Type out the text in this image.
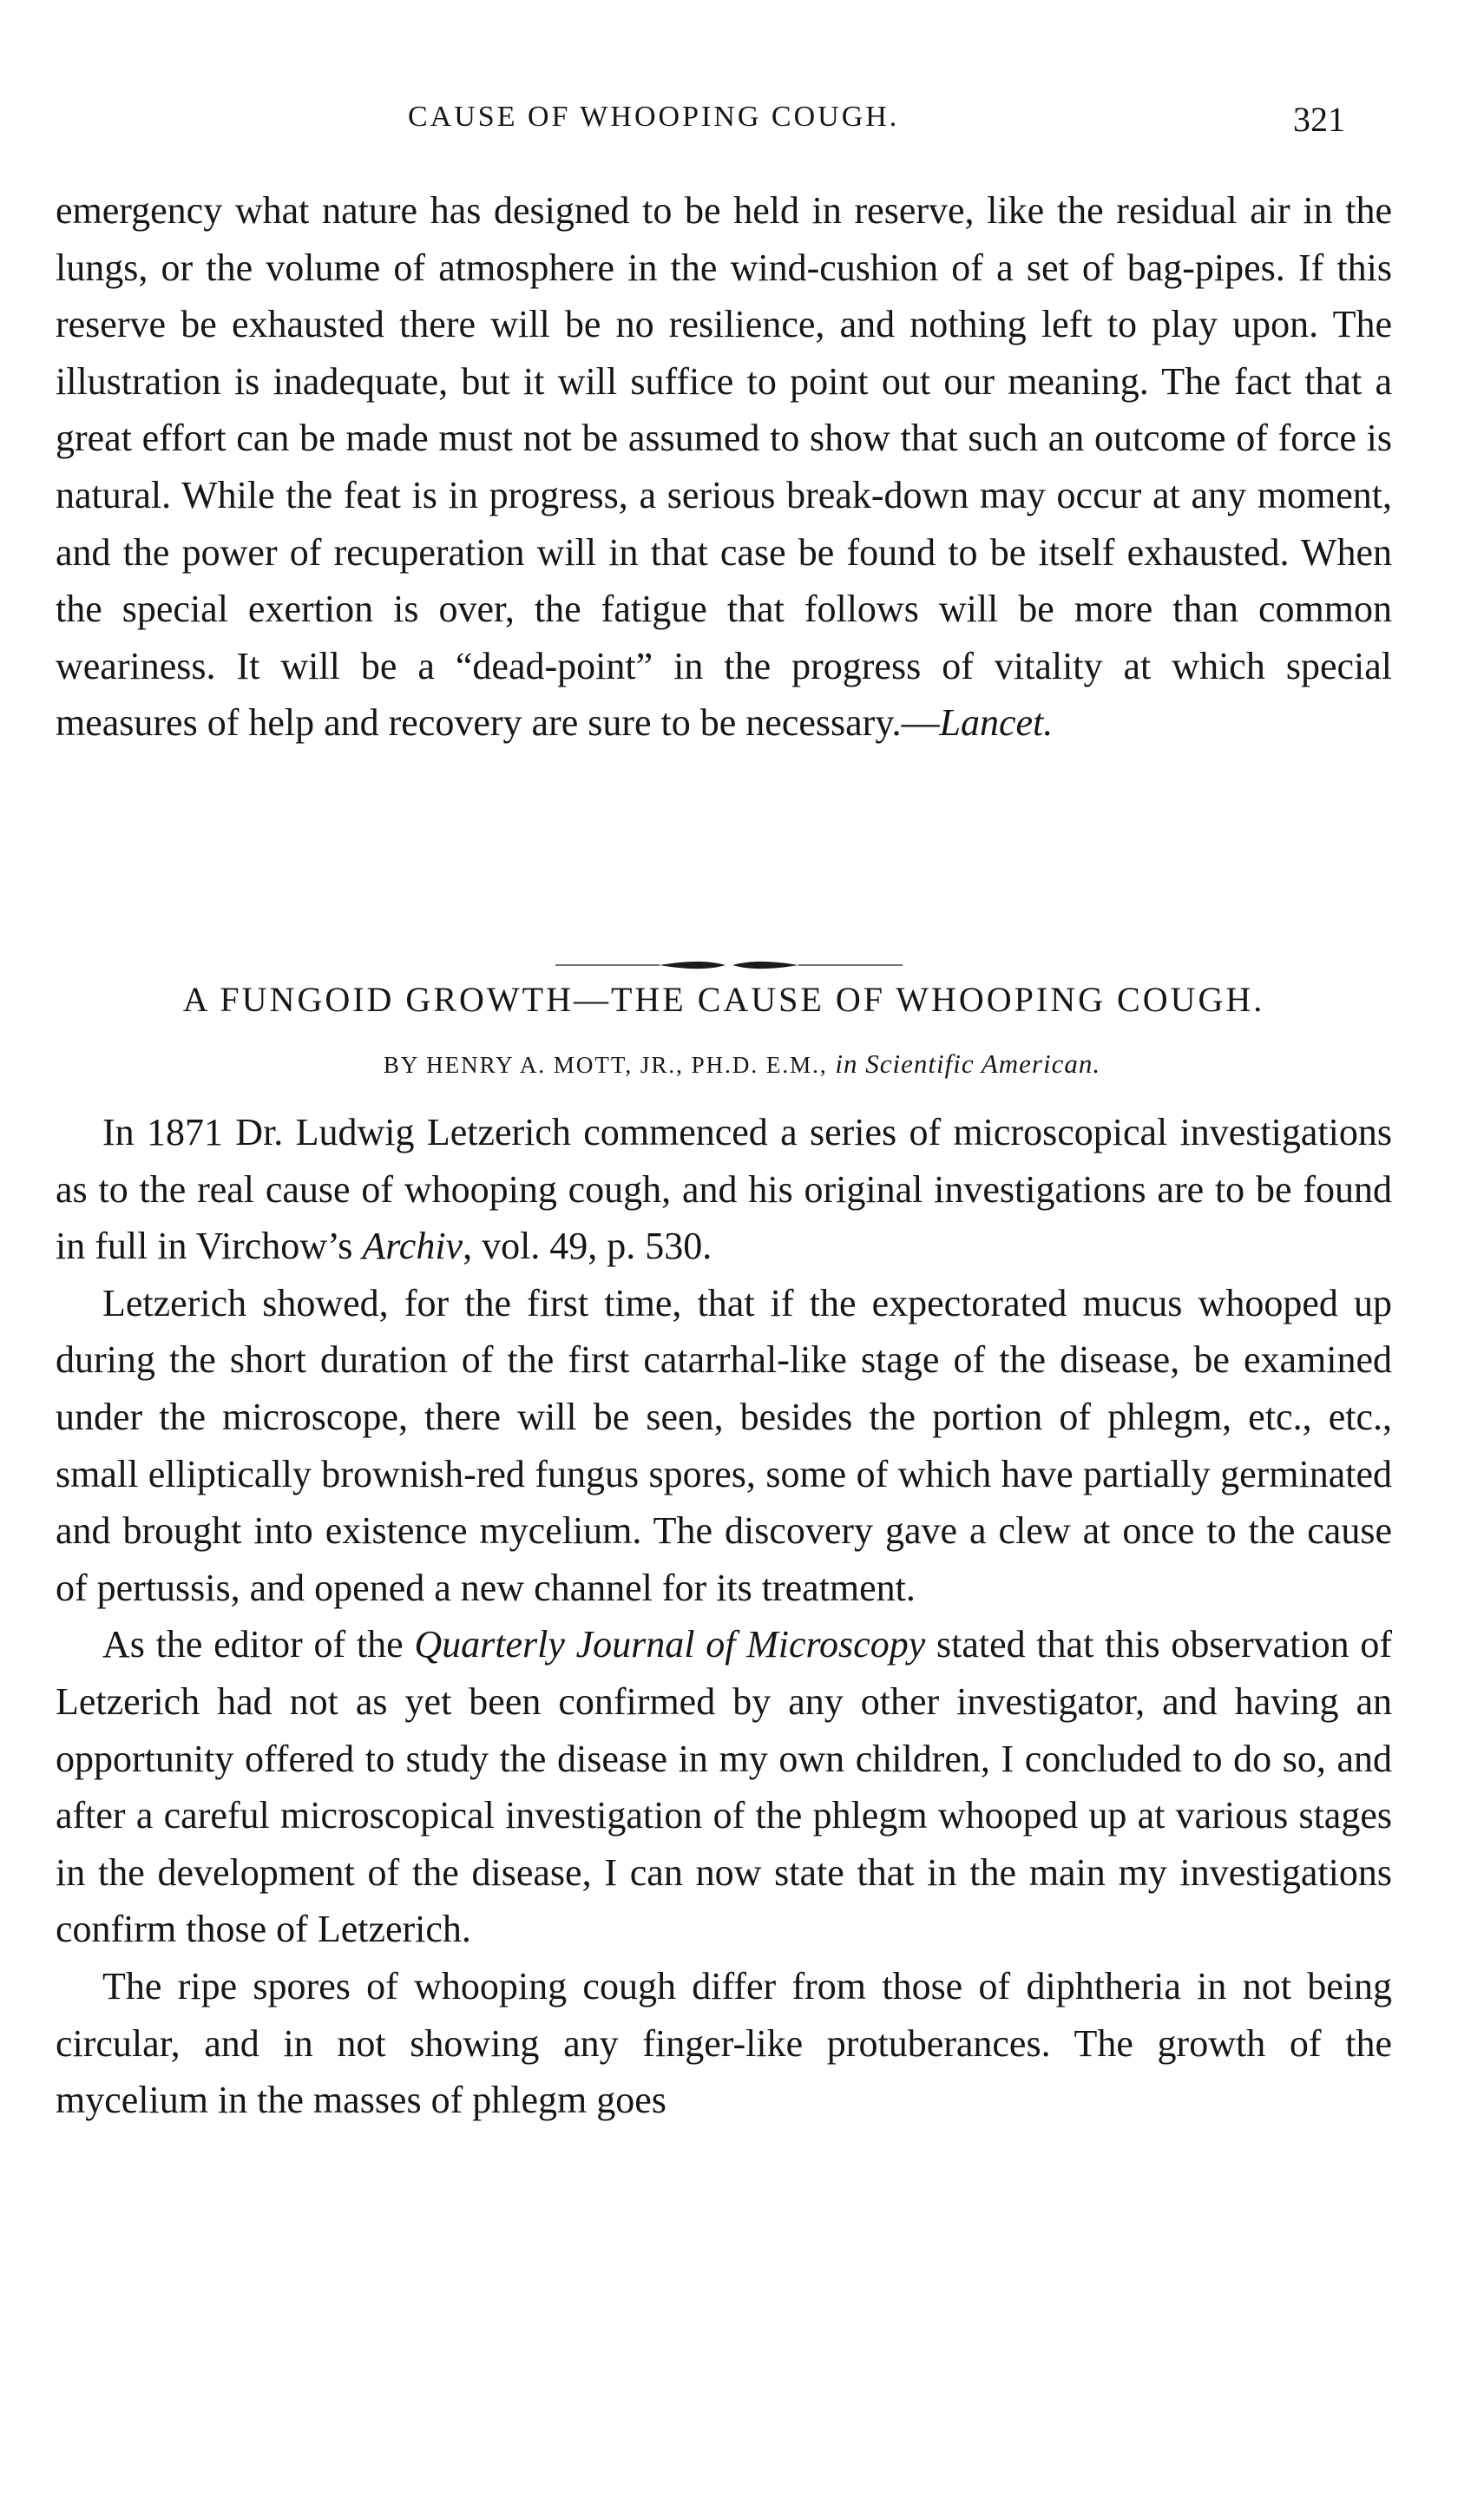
CAUSE OF WHOOPING COUGH.	321

emergency what nature has designed to be held in reserve, like the residual air in the lungs, or the volume of atmosphere in the wind-cushion of a set of bag-pipes. If this reserve be exhausted there will be no resilience, and nothing left to play upon. The illustration is inadequate, but it will suffice to point out our meaning. The fact that a great effort can be made must not be assumed to show that such an outcome of force is natural. While the feat is in progress, a serious break-down may occur at any moment, and the power of recuperation will in that case be found to be itself exhausted. When the special exertion is over, the fatigue that follows will be more than common weariness. It will be a “dead-point” in the progress of vitality at which special measures of help and recovery are sure to be necessary.—Lancet.

A FUNGOID GROWTH—THE CAUSE OF WHOOPING COUGH.
BY HENRY A. MOTT, JR., PH.D. E.M., in Scientific American.

In 1871 Dr. Ludwig Letzerich commenced a series of microscopical investigations as to the real cause of whooping cough, and his original investigations are to be found in full in Virchow’s Archiv, vol. 49, p. 530.

Letzerich showed, for the first time, that if the expectorated mucus whooped up during the short duration of the first catarrhal-like stage of the disease, be examined under the microscope, there will be seen, besides the portion of phlegm, etc., etc., small elliptically brownish-red fungus spores, some of which have partially germinated and brought into existence mycelium. The discovery gave a clew at once to the cause of pertussis, and opened a new channel for its treatment.

As the editor of the Quarterly Journal of Microscopy stated that this observation of Letzerich had not as yet been confirmed by any other investigator, and having an opportunity offered to study the disease in my own children, I concluded to do so, and after a careful microscopical investigation of the phlegm whooped up at various stages in the development of the disease, I can now state that in the main my investigations confirm those of Letzerich.

The ripe spores of whooping cough differ from those of diphtheria in not being circular, and in not showing any finger-like protuberances. The growth of the mycelium in the masses of phlegm goes
